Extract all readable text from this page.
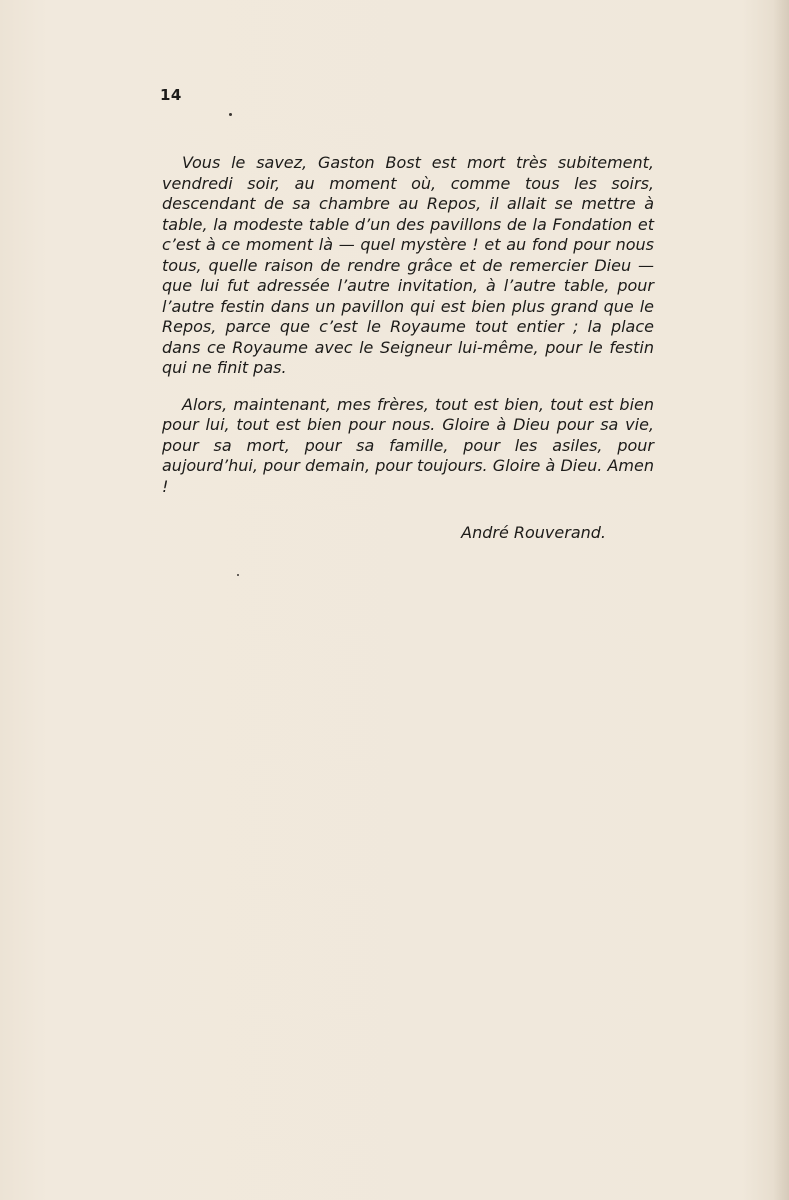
14

Vous le savez, Gaston Bost est mort très subitement, vendredi soir, au moment où, comme tous les soirs, descendant de sa chambre au Repos, il allait se mettre à table, la modeste table d’un des pavillons de la Fondation et c’est à ce moment là — quel mystère ! et au fond pour nous tous, quelle raison de rendre grâce et de remercier Dieu — que lui fut adressée l’autre invitation, à l’autre table, pour l’autre festin dans un pavillon qui est bien plus grand que le Repos, parce que c’est le Royaume tout entier ; la place dans ce Royaume avec le Seigneur lui-même, pour le festin qui ne finit pas.

Alors, maintenant, mes frères, tout est bien, tout est bien pour lui, tout est bien pour nous. Gloire à Dieu pour sa vie, pour sa mort, pour sa famille, pour les asiles, pour aujourd’hui, pour demain, pour toujours. Gloire à Dieu. Amen !

André Rouverand.
